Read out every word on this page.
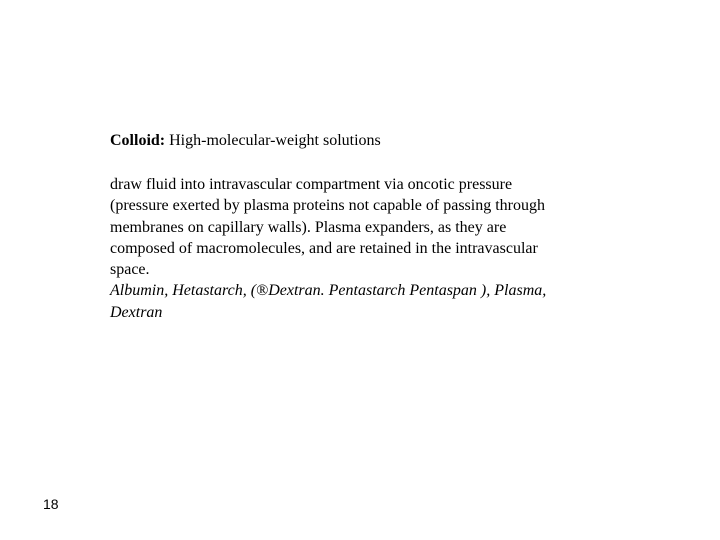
Colloid: High-molecular-weight solutions
draw fluid into intravascular compartment via oncotic pressure
(pressure exerted by plasma proteins not capable of passing through
membranes on capillary walls). Plasma expanders, as they are
composed of macromolecules, and are retained in the intravascular
space.
Albumin, Hetastarch, (®Dextran. Pentastarch Pentaspan ), Plasma,
Dextran
18
